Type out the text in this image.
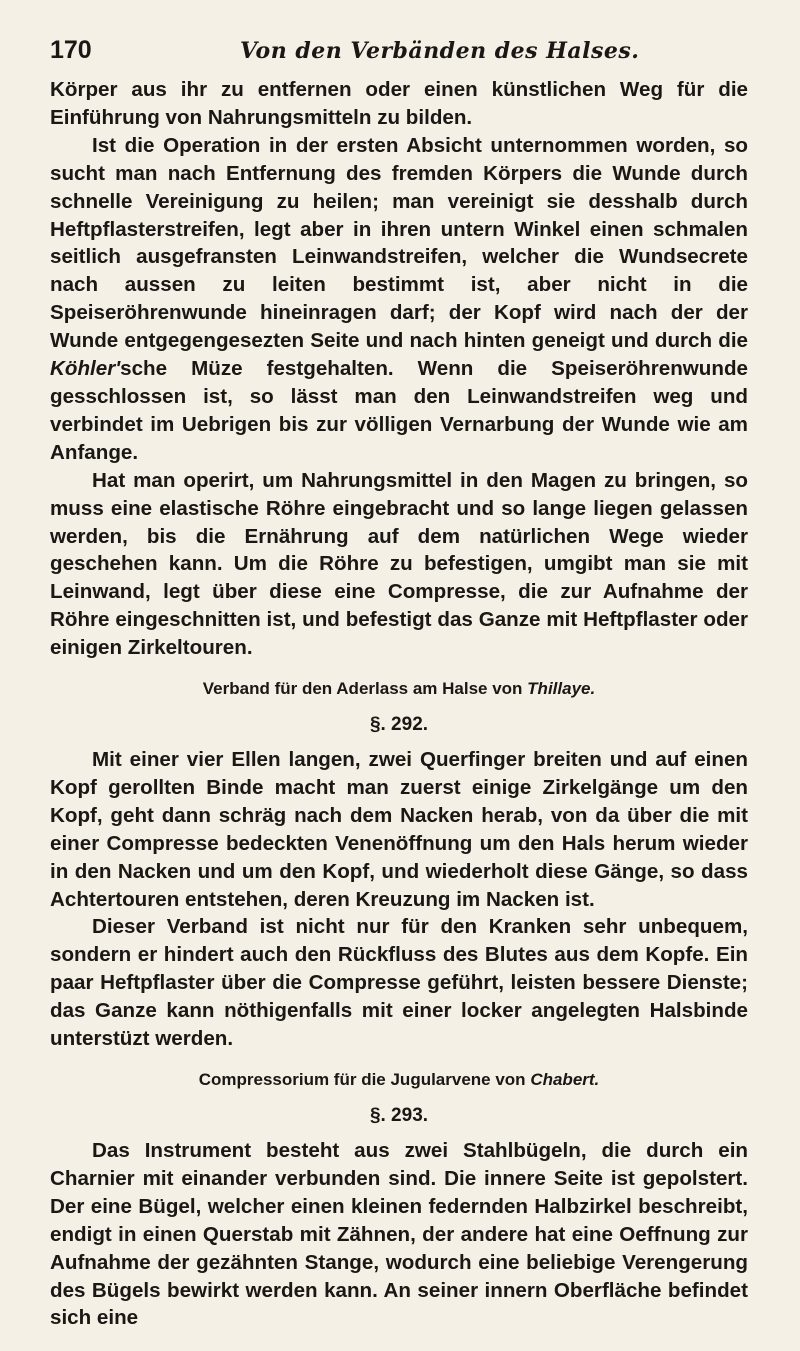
170	Von den Verbänden des Halses.

Körper aus ihr zu entfernen oder einen künstlichen Weg für die Einführung von Nahrungsmitteln zu bilden.

Ist die Operation in der ersten Absicht unternommen worden, so sucht man nach Entfernung des fremden Körpers die Wunde durch schnelle Vereinigung zu heilen; man vereinigt sie desshalb durch Heftpflasterstreifen, legt aber in ihren untern Winkel einen schmalen seitlich ausgefransten Leinwandstreifen, welcher die Wundsecrete nach aussen zu leiten bestimmt ist, aber nicht in die Speiseröhrenwunde hineinragen darf; der Kopf wird nach der der Wunde entgegengesezten Seite und nach hinten geneigt und durch die Köhler'sche Müze festgehalten. Wenn die Speiseröhrenwunde gesschlossen ist, so lässt man den Leinwandstreifen weg und verbindet im Uebrigen bis zur völligen Vernarbung der Wunde wie am Anfange.

Hat man operirt, um Nahrungsmittel in den Magen zu bringen, so muss eine elastische Röhre eingebracht und so lange liegen gelassen werden, bis die Ernährung auf dem natürlichen Wege wieder geschehen kann. Um die Röhre zu befestigen, umgibt man sie mit Leinwand, legt über diese eine Compresse, die zur Aufnahme der Röhre eingeschnitten ist, und befestigt das Ganze mit Heftpflaster oder einigen Zirkeltouren.

Verband für den Aderlass am Halse von Thillaye.
§. 292.

Mit einer vier Ellen langen, zwei Querfinger breiten und auf einen Kopf gerollten Binde macht man zuerst einige Zirkelgänge um den Kopf, geht dann schräg nach dem Nacken herab, von da über die mit einer Compresse bedeckten Venenöffnung um den Hals herum wieder in den Nacken und um den Kopf, und wiederholt diese Gänge, so dass Achtertouren entstehen, deren Kreuzung im Nacken ist.

Dieser Verband ist nicht nur für den Kranken sehr unbequem, sondern er hindert auch den Rückfluss des Blutes aus dem Kopfe. Ein paar Heftpflaster über die Compresse geführt, leisten bessere Dienste; das Ganze kann nöthigenfalls mit einer locker angelegten Halsbinde unterstüzt werden.

Compressorium für die Jugularvene von Chabert.
§. 293.

Das Instrument besteht aus zwei Stahlbügeln, die durch ein Charnier mit einander verbunden sind. Die innere Seite ist gepolstert. Der eine Bügel, welcher einen kleinen federnden Halbzirkel beschreibt, endigt in einen Querstab mit Zähnen, der andere hat eine Oeffnung zur Aufnahme der gezähnten Stange, wodurch eine beliebige Verengerung des Bügels bewirkt werden kann. An seiner innern Oberfläche befindet sich eine
